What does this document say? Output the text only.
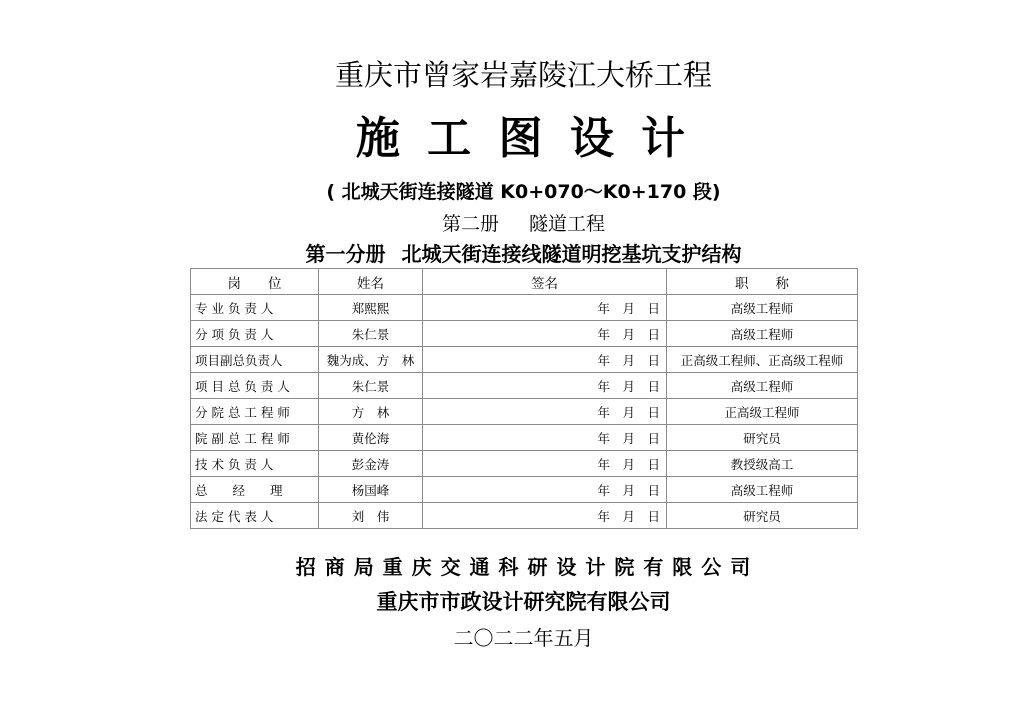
重庆市曾家岩嘉陵江大桥工程
施 工 图 设 计
( 北城天街连接隧道 K0+070～K0+170 段)
第二册 隧道工程
第一分册 北城天街连接线隧道明挖基坑支护结构
岗　　位	姓名	签名	职　　称
专 业 负 责 人	郑熙熙	年　月　日	高级工程师
分 项 负 责 人	朱仁景	年　月　日	高级工程师
项目副总负责人	魏为成、方　林	年　月　日	正高级工程师、正高级工程师
项 目 总 负 责 人	朱仁景	年　月　日	高级工程师
分 院 总 工 程 师	方　林	年　月　日	正高级工程师
院 副 总 工 程 师	黄伦海	年　月　日	研究员
技 术 负 责 人	彭金涛	年　月　日	教授级高工
总　　经　　理	杨国峰	年　月　日	高级工程师
法 定 代 表 人	刘　伟	年　月　日	研究员
招 商 局 重 庆 交 通 科 研 设 计 院 有 限 公 司
重庆市市政设计研究院有限公司
二〇二二年五月
